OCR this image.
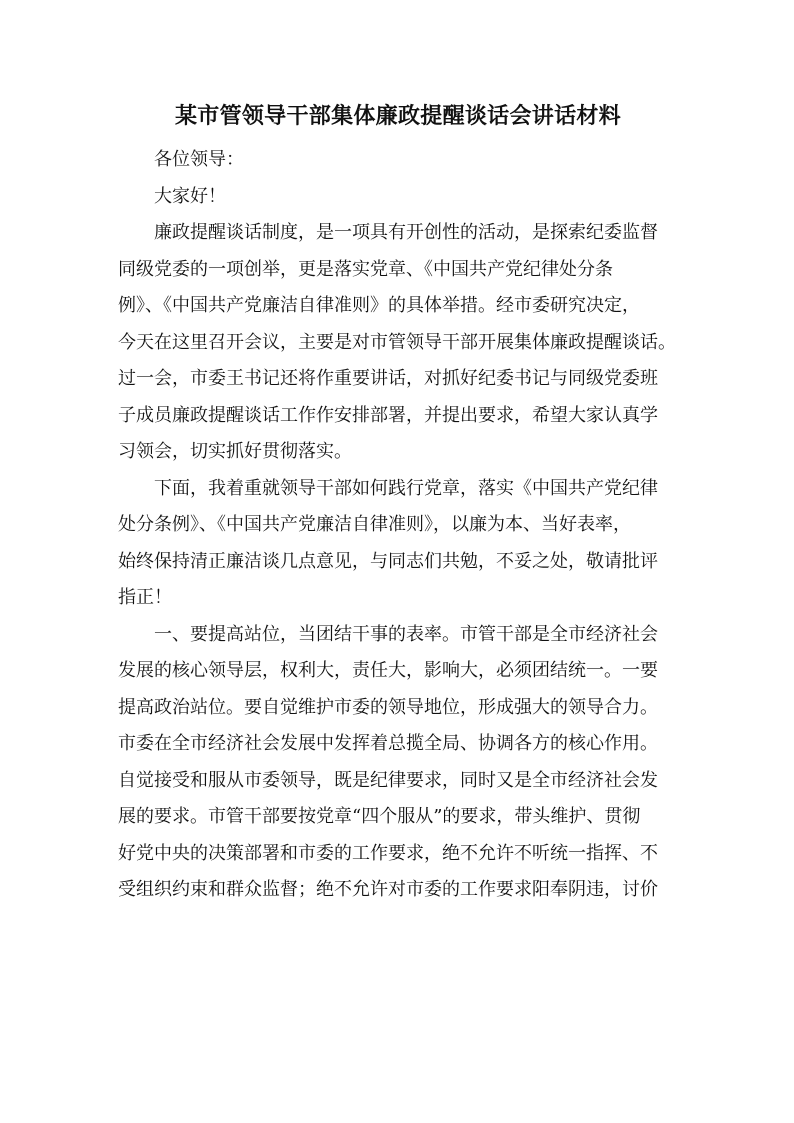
某市管领导干部集体廉政提醒谈话会讲话材料

各位领导：

大家好！

廉政提醒谈话制度，是一项具有开创性的活动，是探索纪委监督
同级党委的一项创举，更是落实党章、《中国共产党纪律处分条
例》、《中国共产党廉洁自律准则》的具体举措。经市委研究决定，
今天在这里召开会议，主要是对市管领导干部开展集体廉政提醒谈话。
过一会，市委王书记还将作重要讲话，对抓好纪委书记与同级党委班
子成员廉政提醒谈话工作作安排部署，并提出要求，希望大家认真学
习领会，切实抓好贯彻落实。

下面，我着重就领导干部如何践行党章，落实《中国共产党纪律
处分条例》、《中国共产党廉洁自律准则》，以廉为本、当好表率，
始终保持清正廉洁谈几点意见，与同志们共勉，不妥之处，敬请批评
指正！

一、要提高站位，当团结干事的表率。市管干部是全市经济社会
发展的核心领导层，权利大，责任大，影响大，必须团结统一。一要
提高政治站位。要自觉维护市委的领导地位，形成强大的领导合力。
市委在全市经济社会发展中发挥着总揽全局、协调各方的核心作用。
自觉接受和服从市委领导，既是纪律要求，同时又是全市经济社会发
展的要求。市管干部要按党章“四个服从”的要求，带头维护、贯彻
好党中央的决策部署和市委的工作要求，绝不允许不听统一指挥、不
受组织约束和群众监督；绝不允许对市委的工作要求阳奉阴违，讨价
